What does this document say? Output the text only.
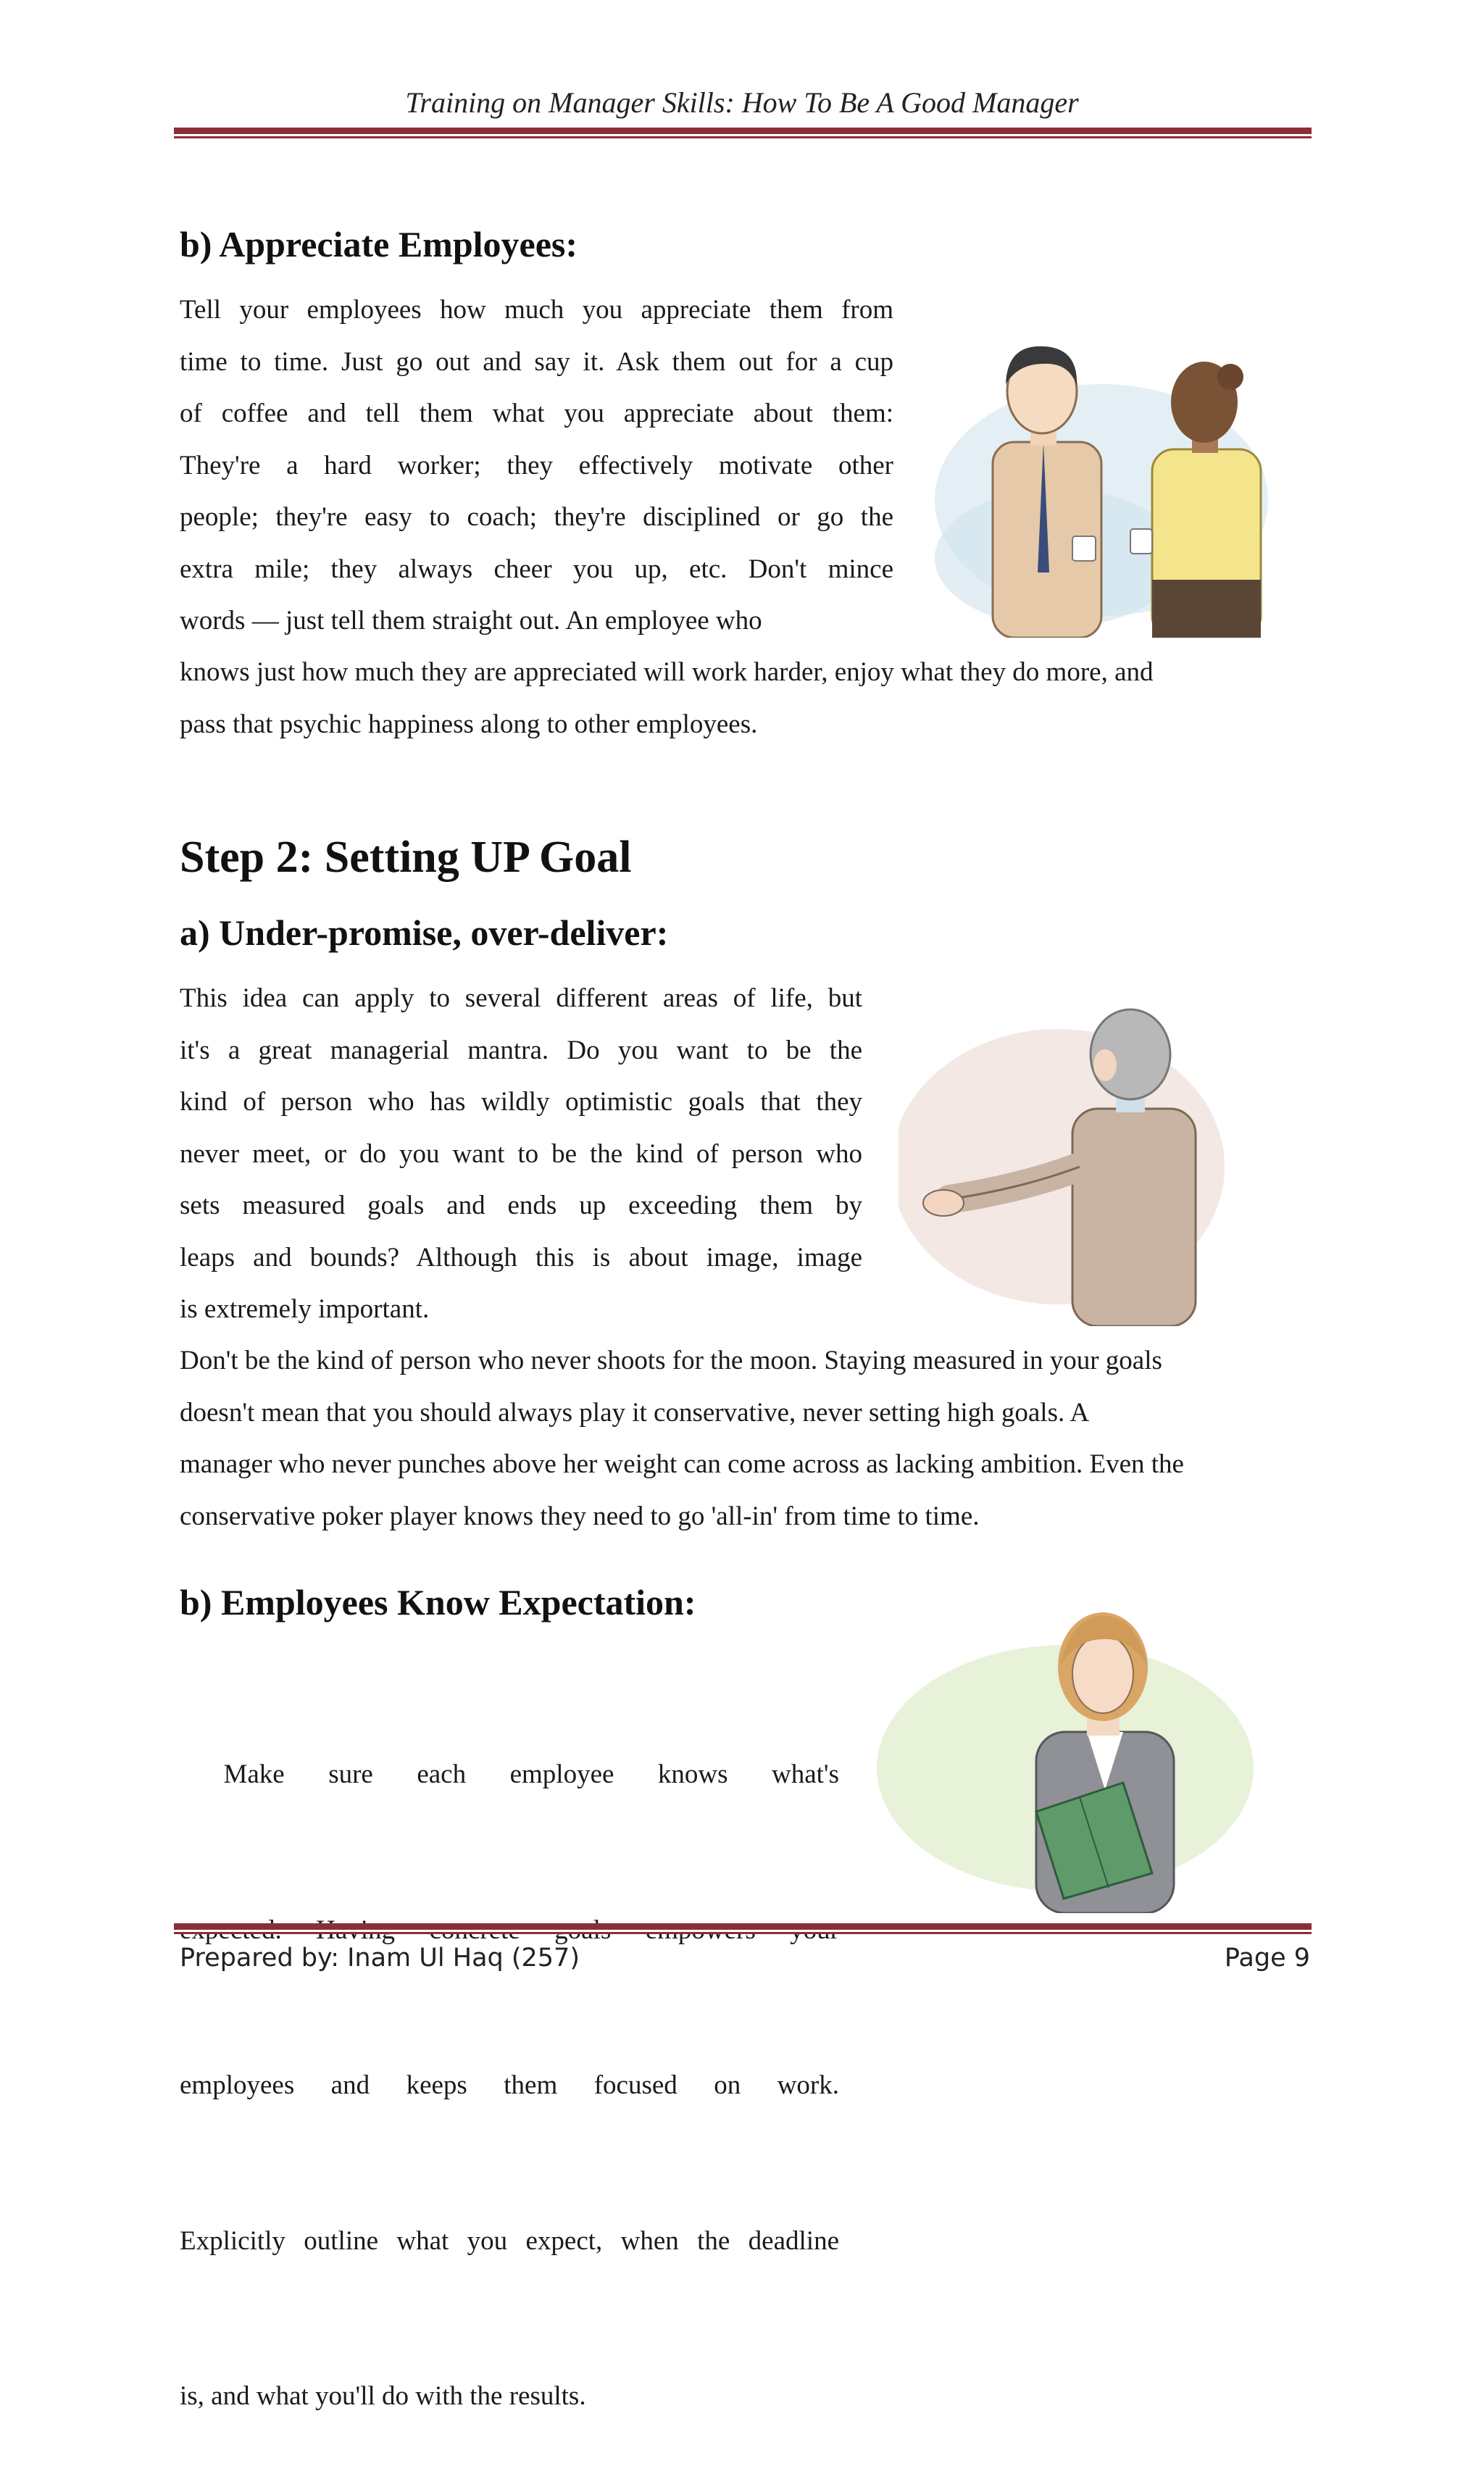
Training on Manager Skills: How To Be A Good Manager
b) Appreciate Employees:

Tell your employees how much you appreciate them from

time to time. Just go out and say it. Ask them out for a cup

of coffee and tell them what you appreciate about them:

They're a hard worker; they effectively motivate other

people; they're easy to coach; they're disciplined or go the

extra mile; they always cheer you up, etc. Don't mince

words — just tell them straight out. An employee who

knows just how much they are appreciated will work harder, enjoy what they do more, and

pass that psychic happiness along to other employees.

Step 2: Setting UP Goal
a) Under-promise, over-deliver:

This idea can apply to several different areas of life, but

it's a great managerial mantra. Do you want to be the

kind of person who has wildly optimistic goals that they

never meet, or do you want to be the kind of person who

sets measured goals and ends up exceeding them by

leaps and bounds? Although this is about image, image

is extremely important.

Don't be the kind of person who never shoots for the moon. Staying measured in your goals

doesn't mean that you should always play it conservative, never setting high goals. A

manager who never punches above her weight can come across as lacking ambition. Even the

conservative poker player knows they need to go 'all-in' from time to time.

b) Employees Know Expectation:

Make sure each employee knows what's

employees and keeps them focused on work.

Explicitly outline what you expect, when the deadline

is, and what you'll do with the results.

Prepared by: Inam Ul Haq (257)	Page 9
